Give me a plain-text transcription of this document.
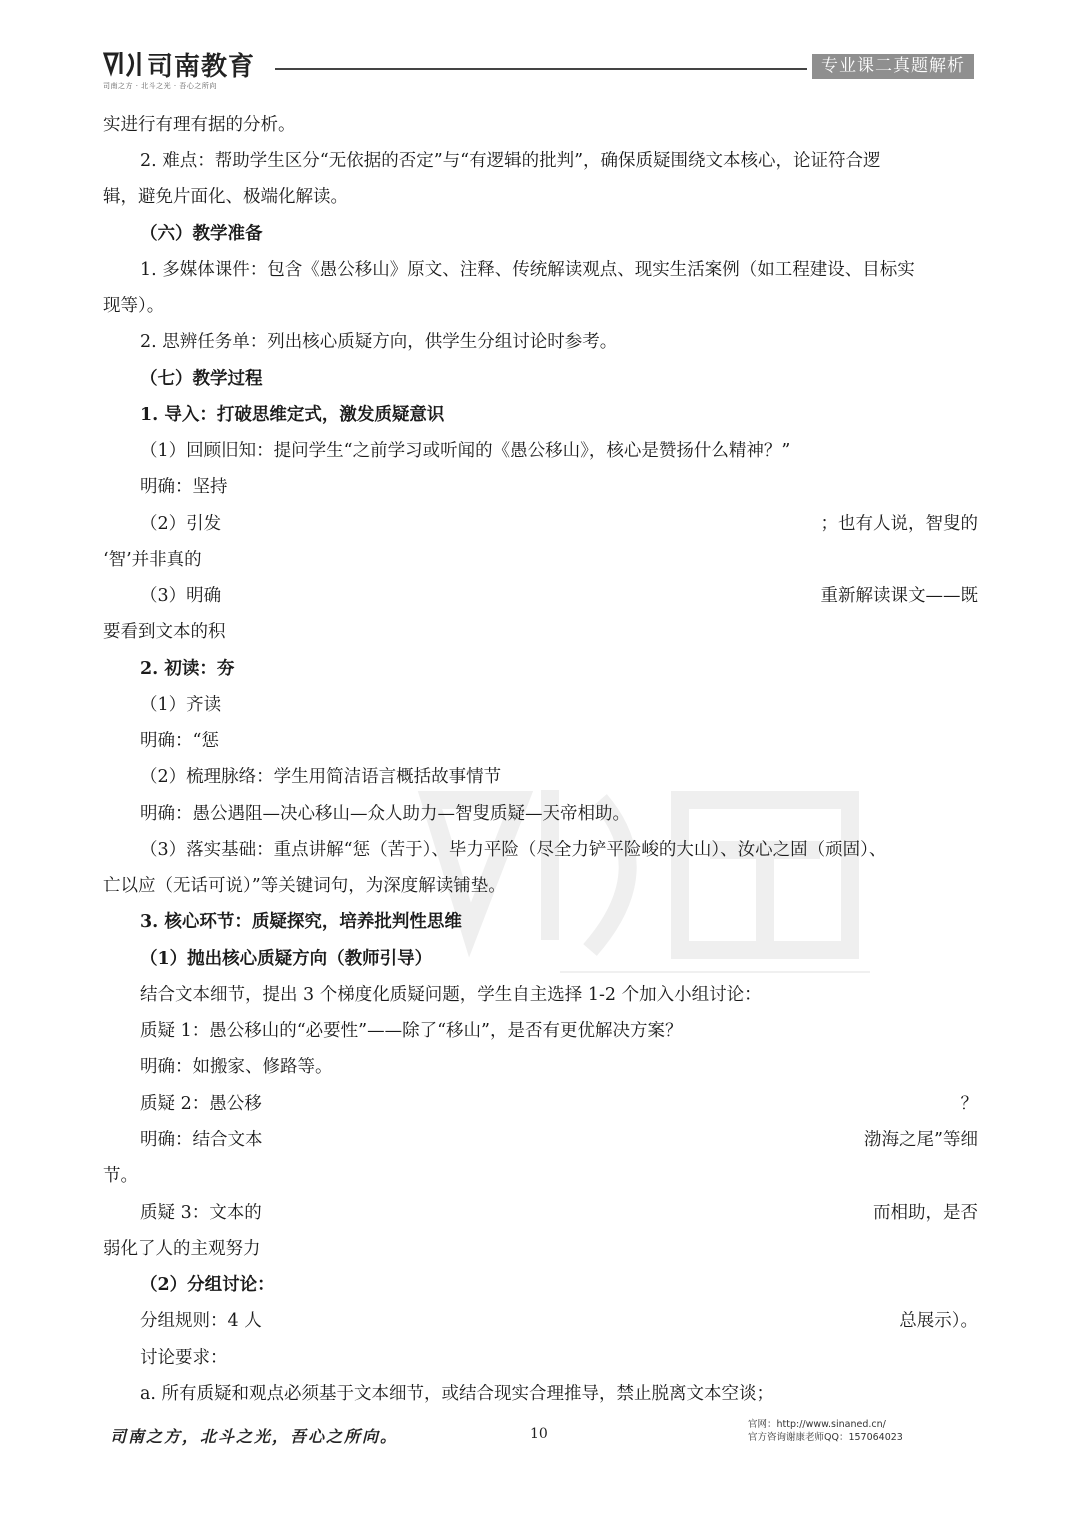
司南教育
司南之方 · 北斗之光 · 吾心之所向
专业课二真题解析
实进行有理有据的分析。
2. 难点：帮助学生区分“无依据的否定”与“有逻辑的批判”，确保质疑围绕文本核心，论证符合逻
辑，避免片面化、极端化解读。
（六）教学准备
1. 多媒体课件：包含《愚公移山》原文、注释、传统解读观点、现实生活案例（如工程建设、目标实
现等）。
2. 思辨任务单：列出核心质疑方向，供学生分组讨论时参考。
（七）教学过程
1. 导入：打破思维定式，激发质疑意识
（1）回顾旧知：提问学生“之前学习或听闻的《愚公移山》，核心是赞扬什么精神？”
明确：坚持
（2）引发	；也有人说，智叟的
‘智’并非真的
（3）明确	重新解读课文——既
要看到文本的积
2. 初读：夯
（1）齐读
明确：“惩
（2）梳理脉络：学生用简洁语言概括故事情节
明确：愚公遇阻—决心移山—众人助力—智叟质疑—天帝相助。
（3）落实基础：重点讲解“惩（苦于）、毕力平险（尽全力铲平险峻的大山）、汝心之固（顽固）、
亡以应（无话可说）”等关键词句，为深度解读铺垫。
3. 核心环节：质疑探究，培养批判性思维
（1）抛出核心质疑方向（教师引导）
结合文本细节，提出 3 个梯度化质疑问题，学生自主选择 1-2 个加入小组讨论：
质疑 1：愚公移山的“必要性”——除了“移山”，是否有更优解决方案？
明确：如搬家、修路等。
质疑 2：愚公移	？
明确：结合文本	渤海之尾”等细
节。
质疑 3：文本的	而相助，是否
弱化了人的主观努力
（2）分组讨论：
分组规则：4 人	总展示）。
讨论要求：
a. 所有质疑和观点必须基于文本细节，或结合现实合理推导，禁止脱离文本空谈；
司南之方，北斗之光，吾心之所向。	10
官网：http://www.sinaned.cn/
官方咨询谢康老师QQ：157064023
